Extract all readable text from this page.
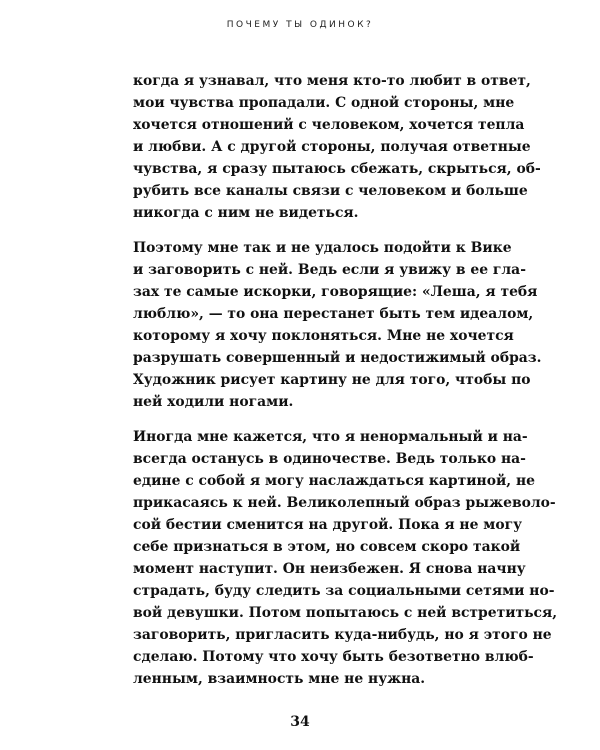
ПОЧЕМУ ТЫ ОДИНОК?
когда я узнавал, что меня кто-то любит в ответ,
мои чувства пропадали. С одной стороны, мне
хочется отношений с человеком, хочется тепла
и любви. А с другой стороны, получая ответные
чувства, я сразу пытаюсь сбежать, скрыться, об-
рубить все каналы связи с человеком и больше
никогда с ним не видеться.
Поэтому мне так и не удалось подойти к Вике
и заговорить с ней. Ведь если я увижу в ее гла-
зах те самые искорки, говорящие: «Леша, я тебя
люблю», — то она перестанет быть тем идеалом,
которому я хочу поклоняться. Мне не хочется
разрушать совершенный и недостижимый образ.
Художник рисует картину не для того, чтобы по
ней ходили ногами.
Иногда мне кажется, что я ненормальный и на-
всегда останусь в одиночестве. Ведь только на-
едине с собой я могу наслаждаться картиной, не
прикасаясь к ней. Великолепный образ рыжеволо-
сой бестии сменится на другой. Пока я не могу
себе признаться в этом, но совсем скоро такой
момент наступит. Он неизбежен. Я снова начну
страдать, буду следить за социальными сетями но-
вой девушки. Потом попытаюсь с ней встретиться,
заговорить, пригласить куда-нибудь, но я этого не
сделаю. Потому что хочу быть безответно влюб-
ленным, взаимность мне не нужна.
34
